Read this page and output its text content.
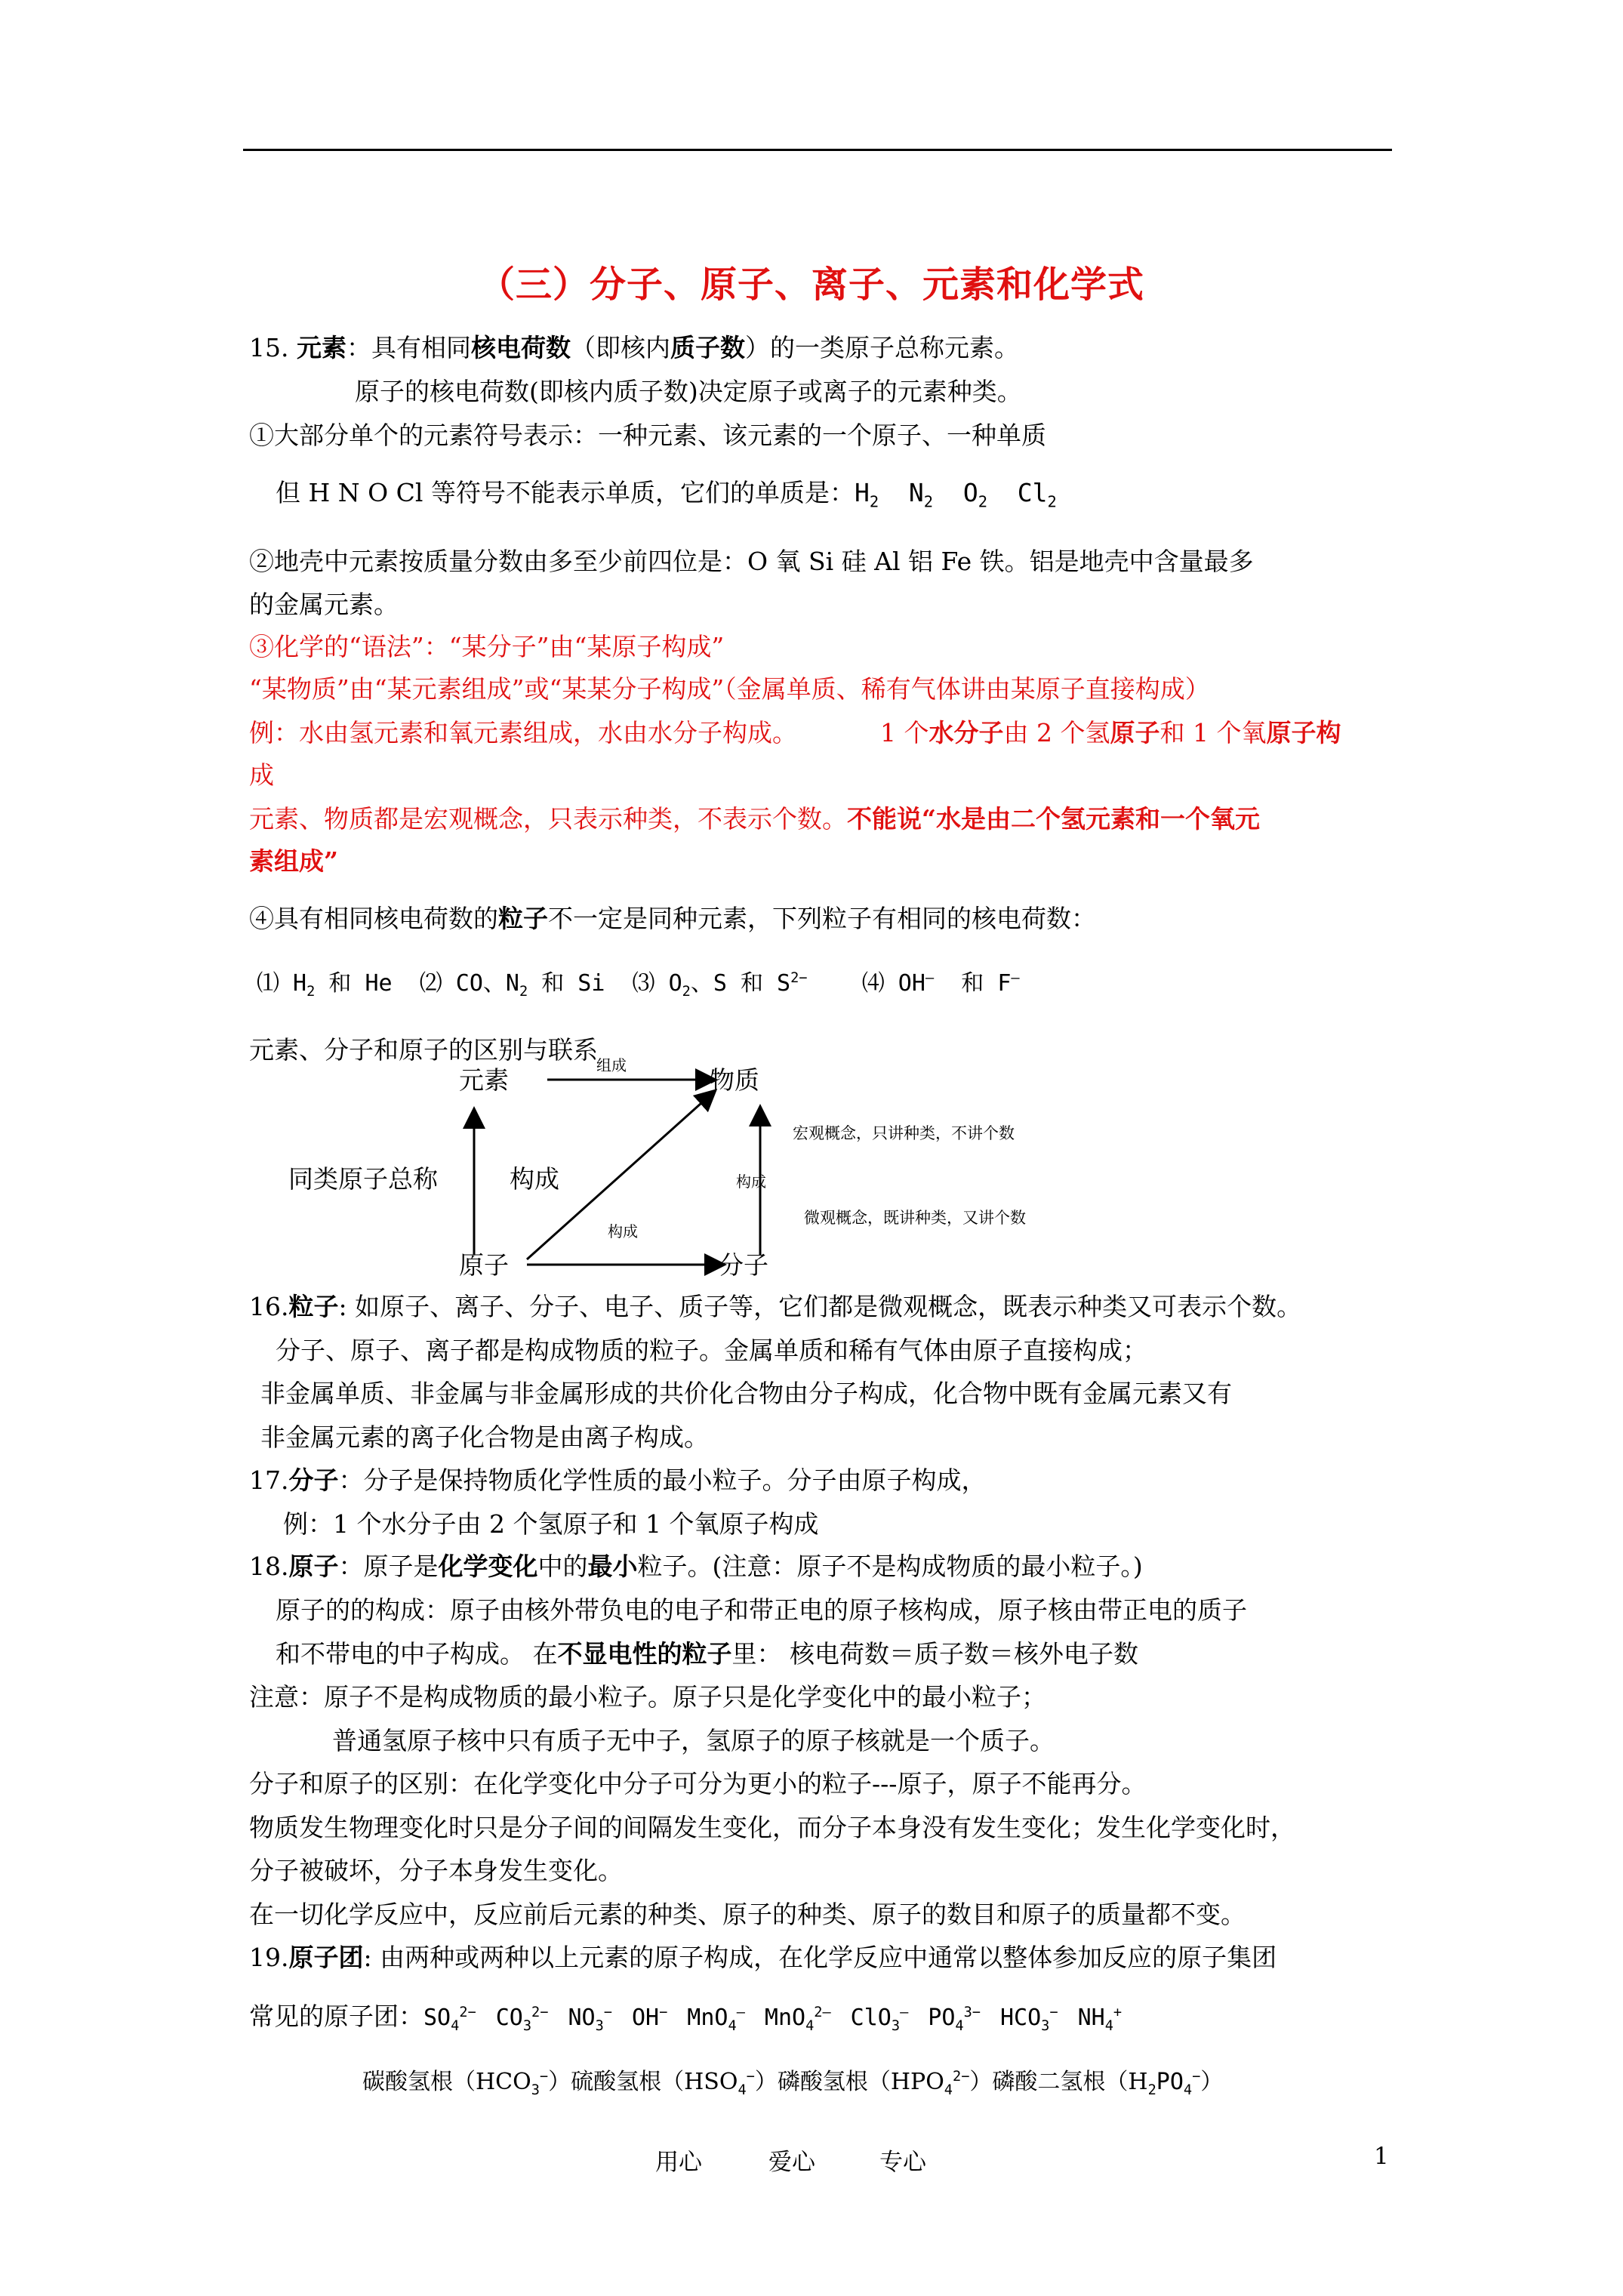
（三）分子、原子、离子、元素和化学式
15. 元素：具有相同核电荷数（即核内质子数）的一类原子总称元素。
原子的核电荷数(即核内质子数)决定原子或离子的元素种类。
①大部分单个的元素符号表示：一种元素、该元素的一个原子、一种单质
但 H N O Cl 等符号不能表示单质，它们的单质是：$H_2$ $N_2$ $O_2$ $Cl_2$
②地壳中元素按质量分数由多至少前四位是：O 氧 Si 硅 Al 铝 Fe 铁。铝是地壳中含量最多
的金属元素。
③化学的“语法”：“某分子”由“某原子构成”
“某物质”由“某元素组成”或“某某分子构成”（金属单质、稀有气体讲由某原子直接构成）
例：水由氢元素和氧元素组成，水由水分子构成。	1 个水分子由 2 个氢原子和 1 个氧原子构
成
元素、物质都是宏观概念，只表示种类，不表示个数。不能说“水是由二个氢元素和一个氧元
素组成”
④具有相同核电荷数的粒子不一定是同种元素，下列粒子有相同的核电荷数：
⑴ $H_2$ 和 He ⑵ CO、$N_2$ 和 Si ⑶ $O_2$、S 和 $S^{2-}$ ⑷ OH—  和 F—
元素、分子和原子的区别与联系
元素	物质
原子	分子
组成
构成
构成
构成
同类原子总称
宏观概念，只讲种类，不讲个数
微观概念，既讲种类，又讲个数
16.粒子: 如原子、离子、分子、电子、质子等，它们都是微观概念，既表示种类又可表示个数。
分子、原子、离子都是构成物质的粒子。金属单质和稀有气体由原子直接构成；
非金属单质、非金属与非金属形成的共价化合物由分子构成，化合物中既有金属元素又有
非金属元素的离子化合物是由离子构成。
17.分子：分子是保持物质化学性质的最小粒子。分子由原子构成，
例：1 个水分子由 2 个氢原子和 1 个氧原子构成
18.原子：原子是化学变化中的最小粒子。(注意：原子不是构成物质的最小粒子。)
原子的的构成：原子由核外带负电的电子和带正电的原子核构成，原子核由带正电的质子
和不带电的中子构成。 在不显电性的粒子里： 核电荷数＝质子数＝核外电子数
注意：原子不是构成物质的最小粒子。原子只是化学变化中的最小粒子；
普通氢原子核中只有质子无中子，氢原子的原子核就是一个质子。
分子和原子的区别：在化学变化中分子可分为更小的粒子---原子，原子不能再分。
物质发生物理变化时只是分子间的间隔发生变化，而分子本身没有发生变化；发生化学变化时，
分子被破坏，分子本身发生变化。
在一切化学反应中，反应前后元素的种类、原子的种类、原子的数目和原子的质量都不变。
19.原子团: 由两种或两种以上元素的原子构成，在化学反应中通常以整体参加反应的原子集团
常见的原子团：$SO_4^{2-}$ $CO_3^{2-}$ $NO_3^-$ OH− MnO$_4$— MnO$_4^{2—}$ ClO$_3$— $PO_4^{3-}$ $HCO_3^-$ $NH_4^+$
碳酸氢根$(HCO_3^-)$硫酸氢根$(HSO_4^-)$磷酸氢根$(HPO_4^{2-})$磷酸二氢根$(H_2PO_4^-)$
用心	爱心	专心	1
